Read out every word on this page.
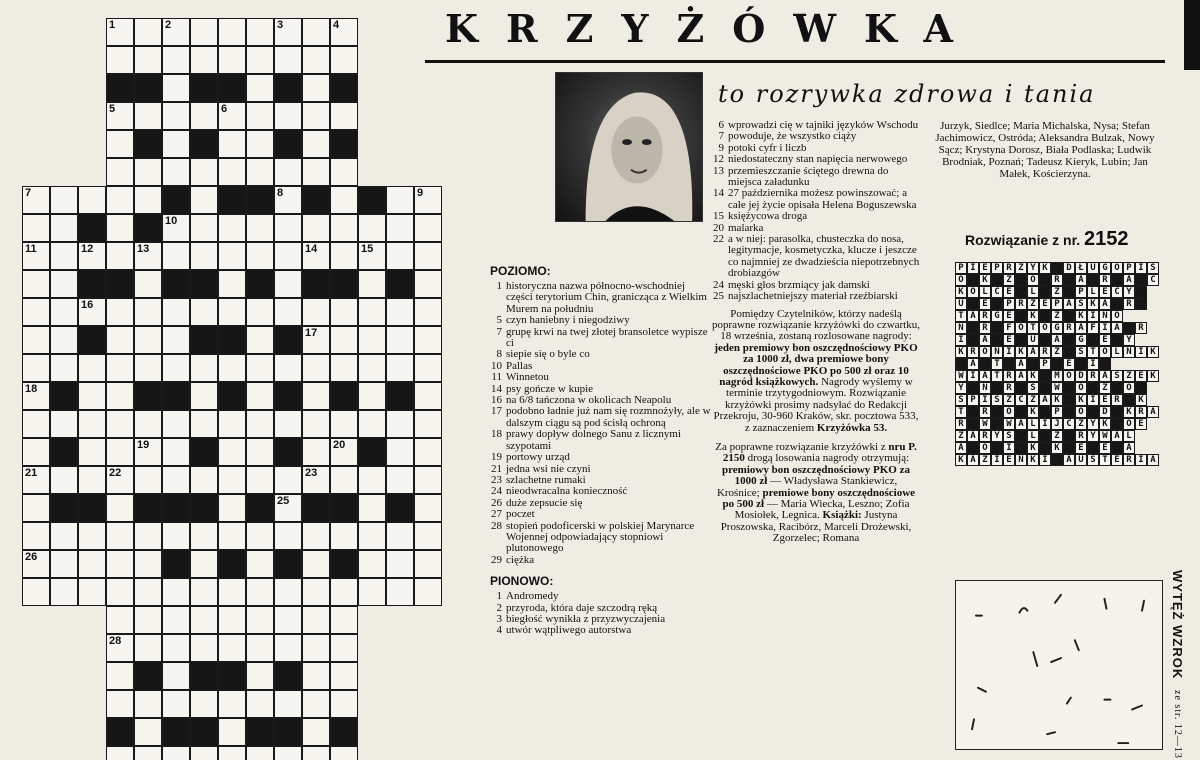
1	2	3	4
5	6
7	8	9
10
11	12	13	14	15
16
17
18
19	20
21	22	23
25
26
28
KRZYŻÓWKA
to rozrywka zdrowa i tania
POZIOMO:
1 historyczna nazwa północno-wschodniej części terytorium Chin, granicząca z Wielkim Murem na południu
5 czyn haniebny i niegodziwy
7 grupę krwi na twej złotej bransoletce wypisze ci
8 siepie się o byle co
10 Pallas
11 Winnetou
14 psy gończe w kupie
16 na 6/8 tańczona w okolicach Neapolu
17 podobno ładnie już nam się rozmnożyły, ale w dalszym ciągu są pod ścisłą ochroną
18 prawy dopływ dolnego Sanu z licznymi szypotami
19 portowy urząd
21 jedna wsi nie czyni
23 szlachetne rumaki
24 nieodwracalna konieczność
26 duże zepsucie się
27 poczet
28 stopień podoficerski w polskiej Marynarce Wojennej odpowiadający stopniowi plutonowego
29 ciężka
PIONOWO:
1 Andromedy
2 przyroda, która daje szczodrą ręką
3 biegłość wynikła z przyzwyczajenia
4 utwór wątpliwego autorstwa
6 wprowadzi cię w tajniki języków Wschodu
7 powoduje, że wszystko ciąży
9 potoki cyfr i liczb
12 niedostateczny stan napięcia nerwowego
13 przemieszczanie ściętego drewna do miejsca załadunku
14 27 października możesz powinszować; a całe jej życie opisała Helena Boguszewska
15 księżycowa droga
20 malarka
22 a w niej: parasolka, chusteczka do nosa, legitymacje, kosmetyczka, klucze i jeszcze co najmniej ze dwadzieścia niepotrzebnych drobiazgów
24 męski głos brzmiący jak damski
25 najszlachetniejszy materiał rzeźbiarski

Pomiędzy Czytelników, którzy nadeślą poprawne rozwiązanie krzyżówki do czwartku, 18 września, zostaną rozlosowane nagrody: jeden premiowy bon oszczędnościowy PKO za 1000 zł, dwa premiowe bony oszczędnościowe PKO po 500 zł oraz 10 nagród książkowych. Nagrody wyślemy w terminie trzytygodniowym. Rozwiązanie krzyżówki prosimy nadsyłać do Redakcji Przekroju, 30-960 Kraków, skr. pocztowa 533, z zaznaczeniem Krzyżówka 53.

Za poprawne rozwiązanie krzyżówki z nru P. 2150 drogą losowania nagrody otrzymują: premiowy bon oszczędnościowy PKO za 1000 zł — Władysława Stankiewicz, Krośnice; premiowe bony oszczędnościowe po 500 zł — Maria Wiecka, Leszno; Zofia Mosiołek, Legnica. Książki: Justyna Proszowska, Racibórz, Marceli Drożewski, Zgorzelec; Romana

Jurzyk, Siedlce; Maria Michalska, Nysa; Stefan Jachimowicz, Ostróda; Aleksandra Bulzak, Nowy Sącz; Krystyna Dorosz, Biała Podlaska; Ludwik Brodniak, Poznań; Tadeusz Kieryk, Lubin; Jan Małek, Kościerzyna.
Rozwiązanie z nr. 2152
P I E P R Z Y K	D Ł U G O P I S
O	K	Z	O	R	A	R	A	C
K O L C E	L	Z	P L E C Y
U	E	P R Z E P A S K A	R
T A R G E	K	Z	K I N O
N	R	F O T O G R A F I A	R
I	A	E	U	A	G	E	Y
K R O N I K A R Z	S T O L N I K
A	T	A	P	E	I
W I A T R A K	M O D R A S Z E K
Y	N	R	S	W	O	Z	O
S P I S Z C Z A K	K I E R	K
T	R	O	K	P	O	D	K R A
R	W	W A L I J C Z Y K	O E
Z A R Y S	L	Z	R Y W A L
A	O	I	K	K	E	E	A
K A Z I E N K I	A U S T E R I A
WYTĘŻ WZROK ze str. 12—13
